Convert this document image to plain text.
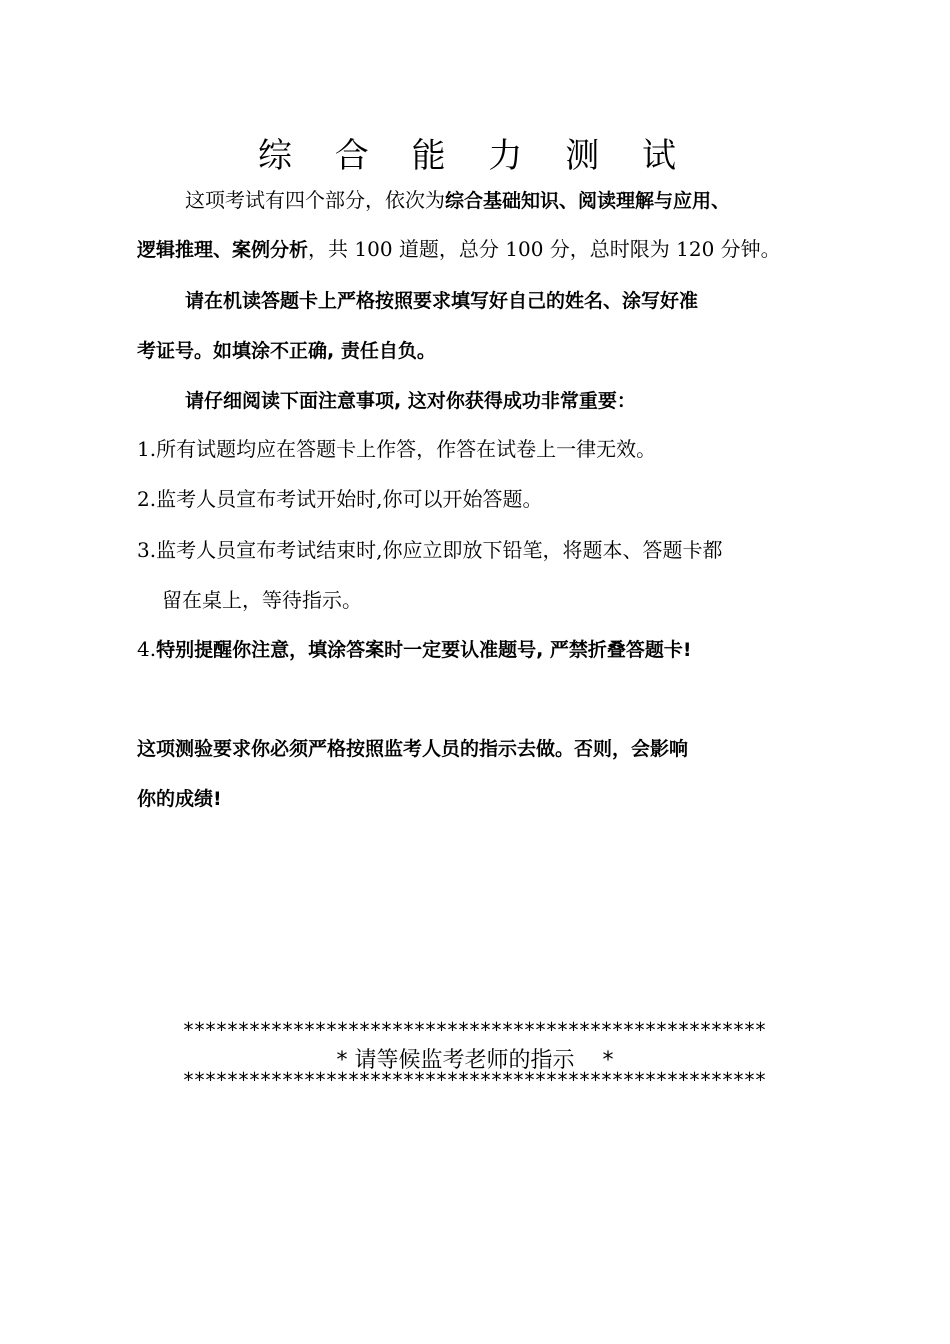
综 合 能 力 测 试
这项考试有四个部分，依次为综合基础知识、阅读理解与应用、
逻辑推理、案例分析，共 100 道题，总分 100 分，总时限为 120 分钟。
请在机读答题卡上严格按照要求填写好自己的姓名、涂写好准
考证号。如填涂不正确, 责任自负。
请仔细阅读下面注意事项, 这对你获得成功非常重要：
1.所有试题均应在答题卡上作答，作答在试卷上一律无效。
2.监考人员宣布考试开始时,你可以开始答题。
3.监考人员宣布考试结束时,你应立即放下铅笔，将题本、答题卡都
留在桌上，等待指示。
4.特别提醒你注意，填涂答案时一定要认准题号, 严禁折叠答题卡!
这项测验要求你必须严格按照监考人员的指示去做。否则，会影响
你的成绩!
*****************************************************
* 请等候监考老师的指示    *
*****************************************************
